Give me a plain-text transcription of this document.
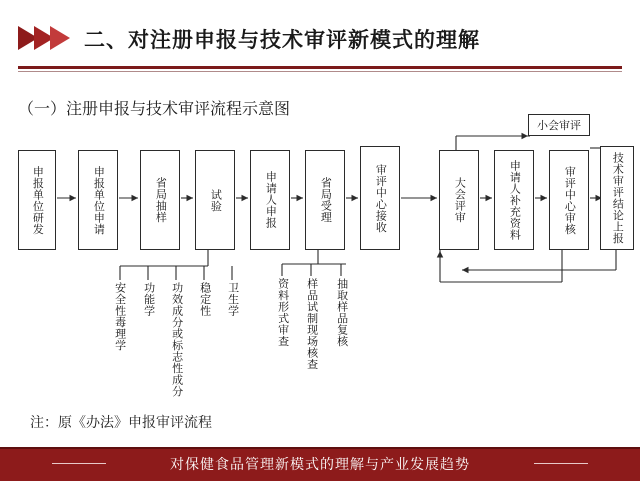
二、对注册申报与技术审评新模式的理解
（一）注册申报与技术审评流程示意图
申报单位研发	申报单位申请	省局抽样	试验	申请人申报	省局受理	审评中心接收	大会评审	申请人补充资料	审评中心审核	技术审评结论上报
小会审评
安全性毒理学 功能学 功效成分或标志性成分 稳定性 卫生学	资料形式审查 样品试制现场核查 抽取样品复核
注：原《办法》申报审评流程
对保健食品管理新模式的理解与产业发展趋势
